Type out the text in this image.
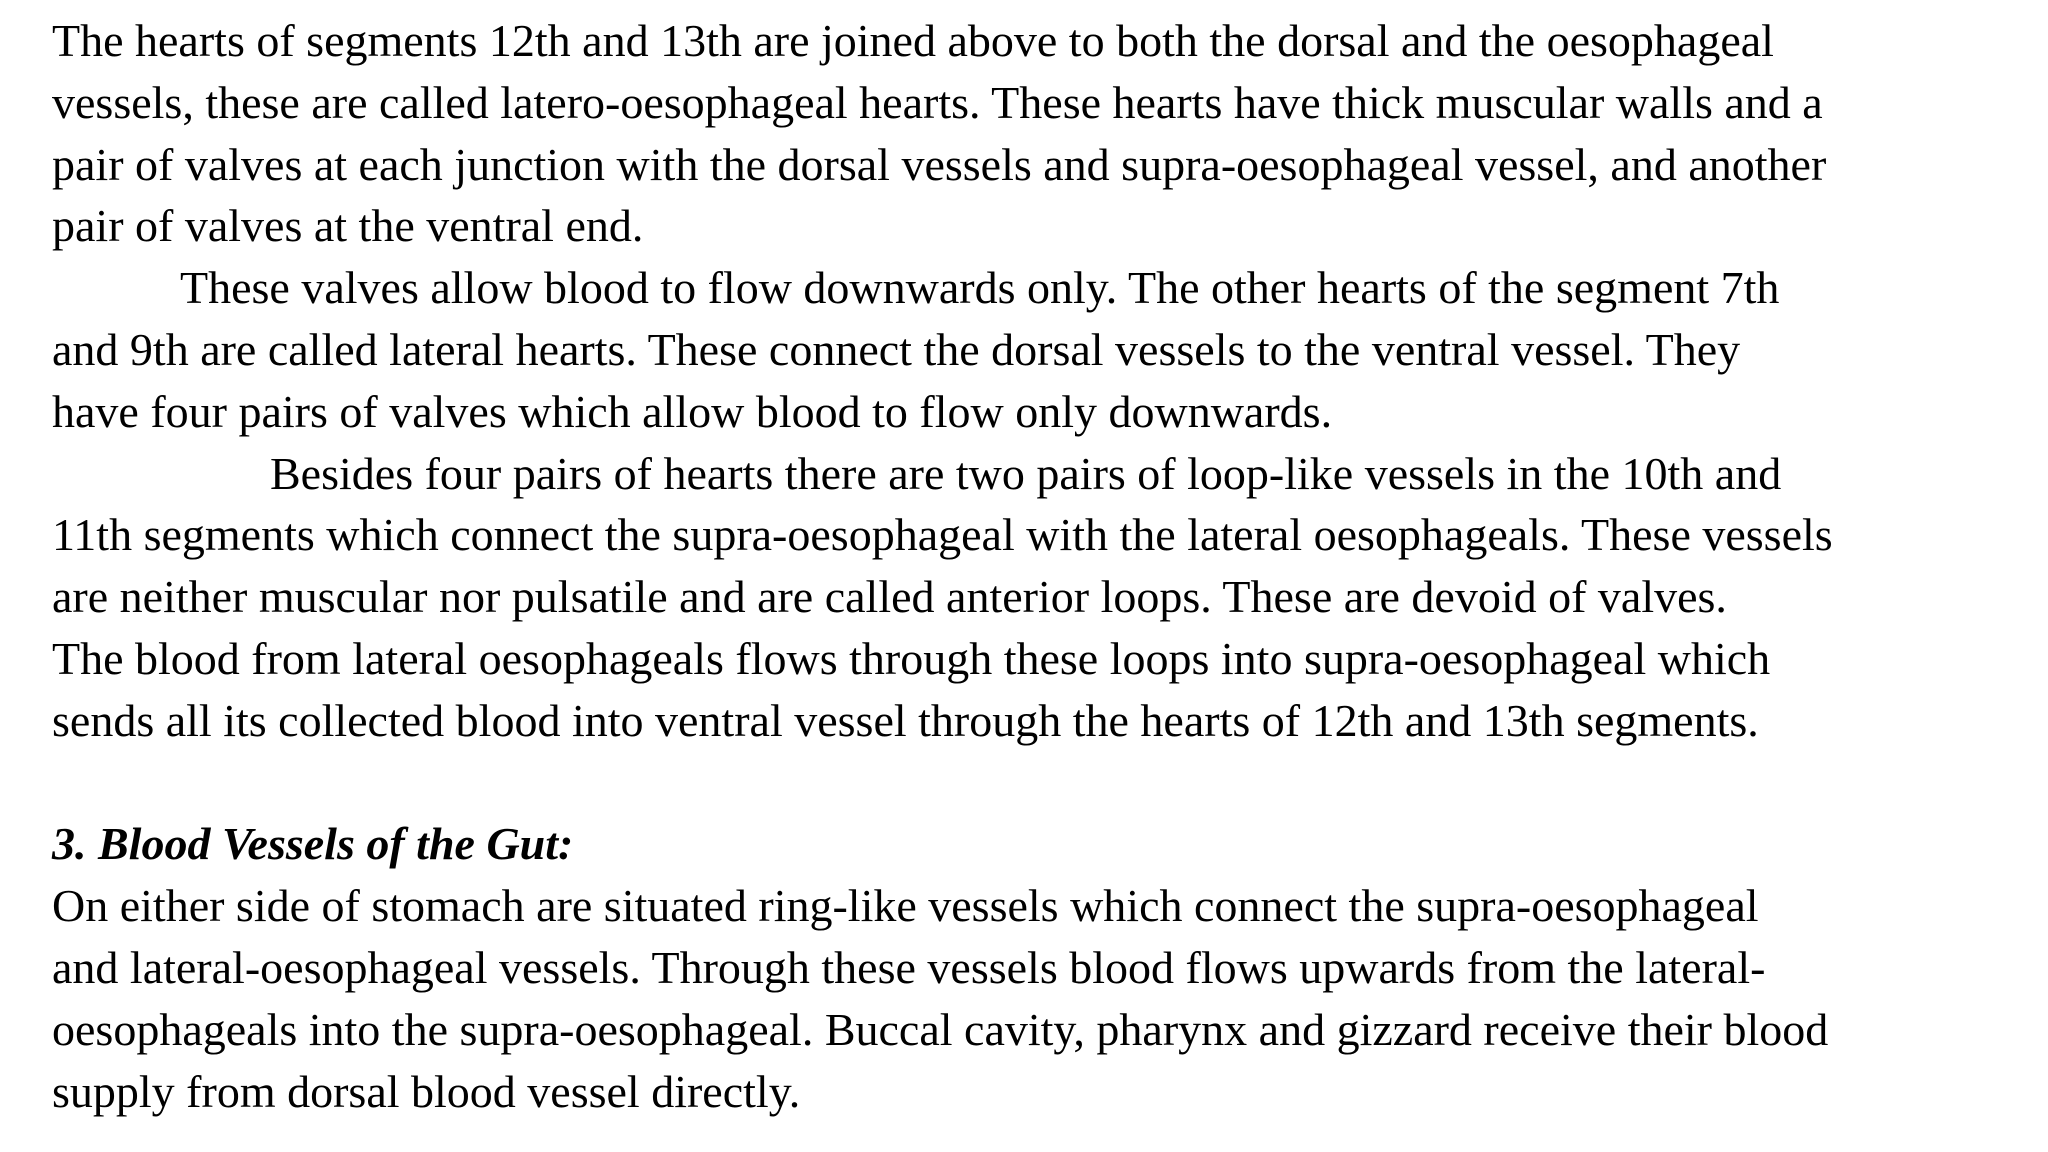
The hearts of segments 12th and 13th are joined above to both the dorsal and the oesophageal
vessels, these are called latero-oesophageal hearts. These hearts have thick muscular walls and a
pair of valves at each junction with the dorsal vessels and supra-oesophageal vessel, and another
pair of valves at the ventral end.
These valves allow blood to flow downwards only. The other hearts of the segment 7th
and 9th are called lateral hearts. These connect the dorsal vessels to the ventral vessel. They
have four pairs of valves which allow blood to flow only downwards.
Besides four pairs of hearts there are two pairs of loop-like vessels in the 10th and
11th segments which connect the supra-oesophageal with the lateral oesophageals. These vessels
are neither muscular nor pulsatile and are called anterior loops. These are devoid of valves.
The blood from lateral oesophageals flows through these loops into supra-oesophageal which
sends all its collected blood into ventral vessel through the hearts of 12th and 13th segments.
3. Blood Vessels of the Gut:
On either side of stomach are situated ring-like vessels which connect the supra-oesophageal
and lateral-oesophageal vessels. Through these vessels blood flows upwards from the lateral-
oesophageals into the supra-oesophageal. Buccal cavity, pharynx and gizzard receive their blood
supply from dorsal blood vessel directly.
